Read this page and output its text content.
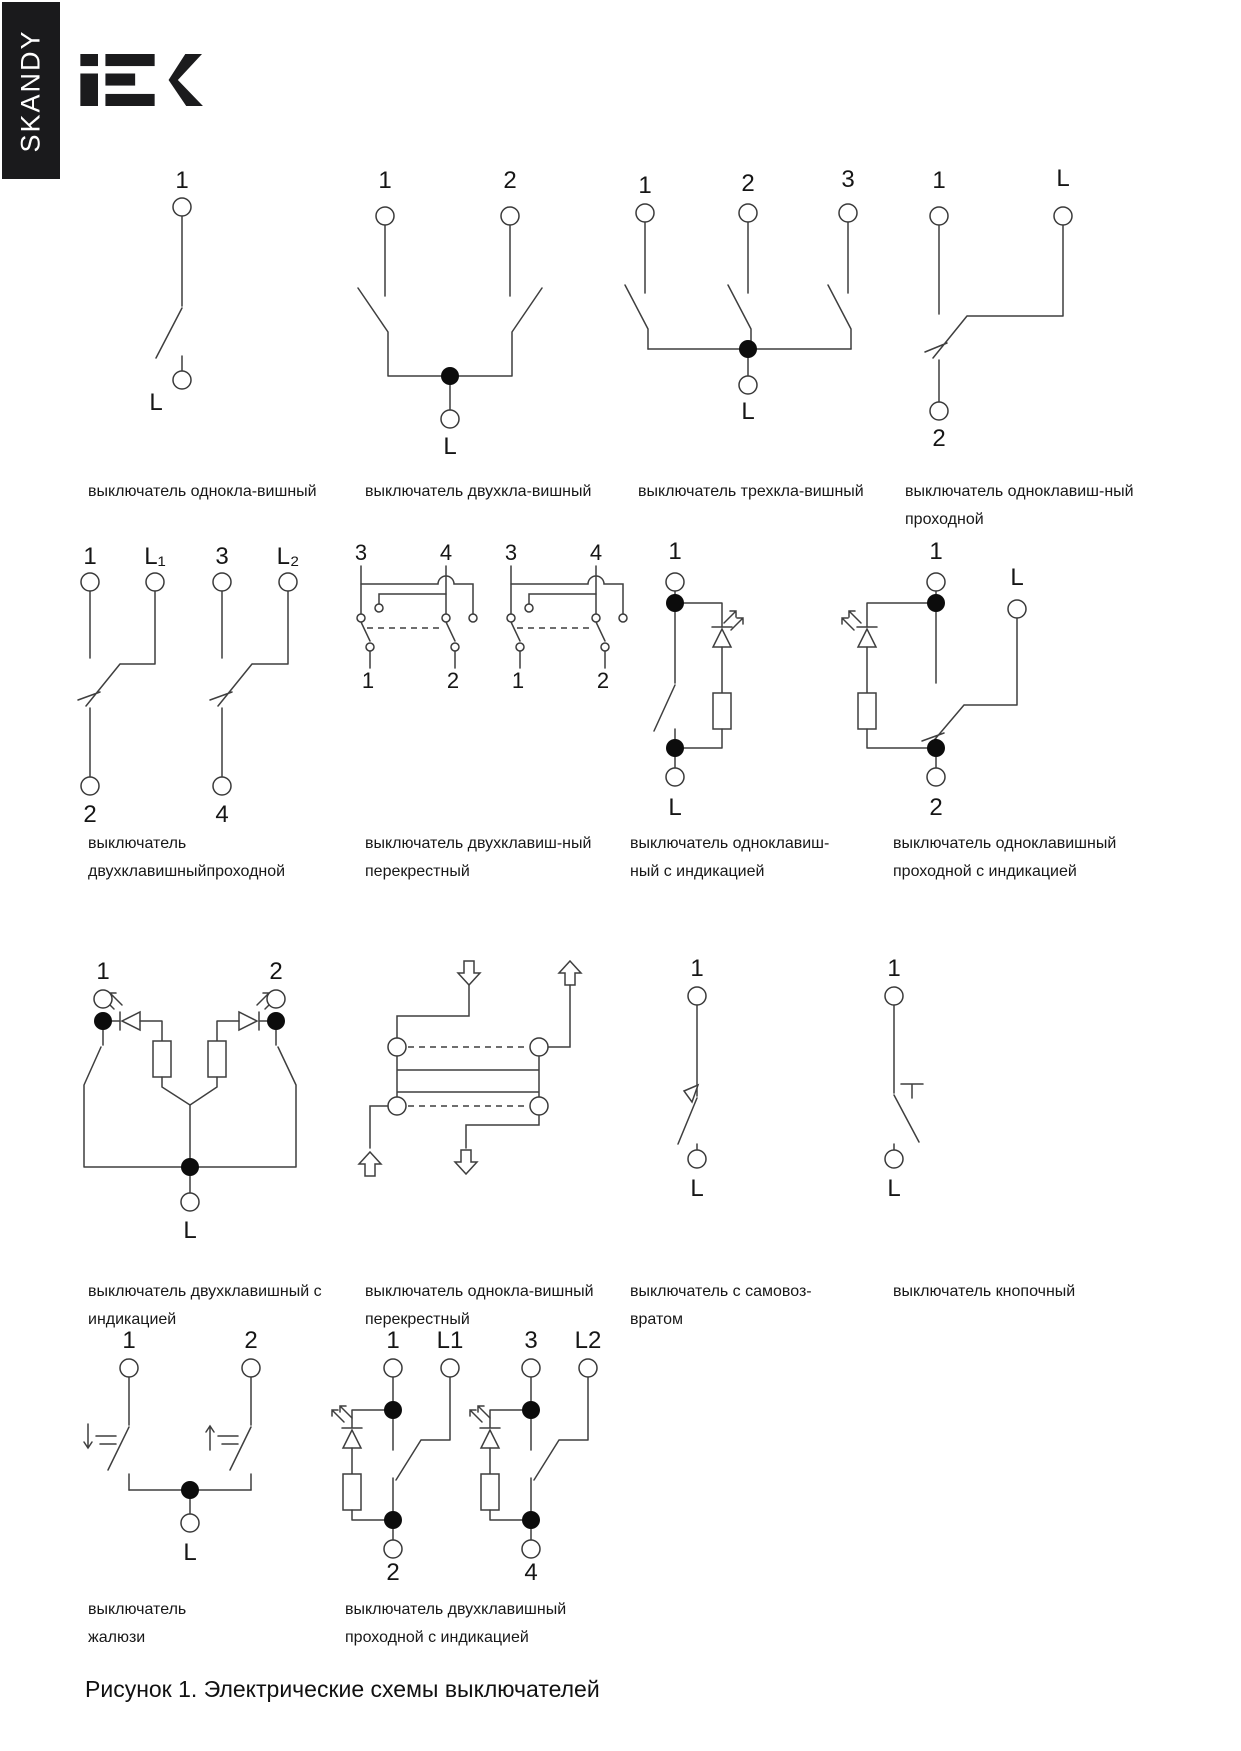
SKANDY
1
L
1	2
L
1	2	3
L
1	L
2
1 L₁ 3 L₂
2	4
3	4
1	2
3	4
1	2
1
L
1
L
2
1	2
L
1
L
1
L
1	2
L
1 L1	3 L2
2	4
выключатель однокла-вишный	выключатель двухкла-вишный	выключатель трехкла-вишный	выключатель одноклавиш-ный
проходной
выключатель
двухклавишныйпроходной
выключатель двухклавиш-ный
перекрестный
выключатель одноклавиш-
ный с индикацией
выключатель одноклавишный
проходной с индикацией
выключатель двухклавишный с
индикацией
выключатель однокла-вишный
перекрестный
выключатель с самовоз-
вратом
выключатель кнопочный
выключатель
жалюзи
выключатель двухклавишный
проходной с индикацией
Рисунок 1. Электрические схемы выключателей
